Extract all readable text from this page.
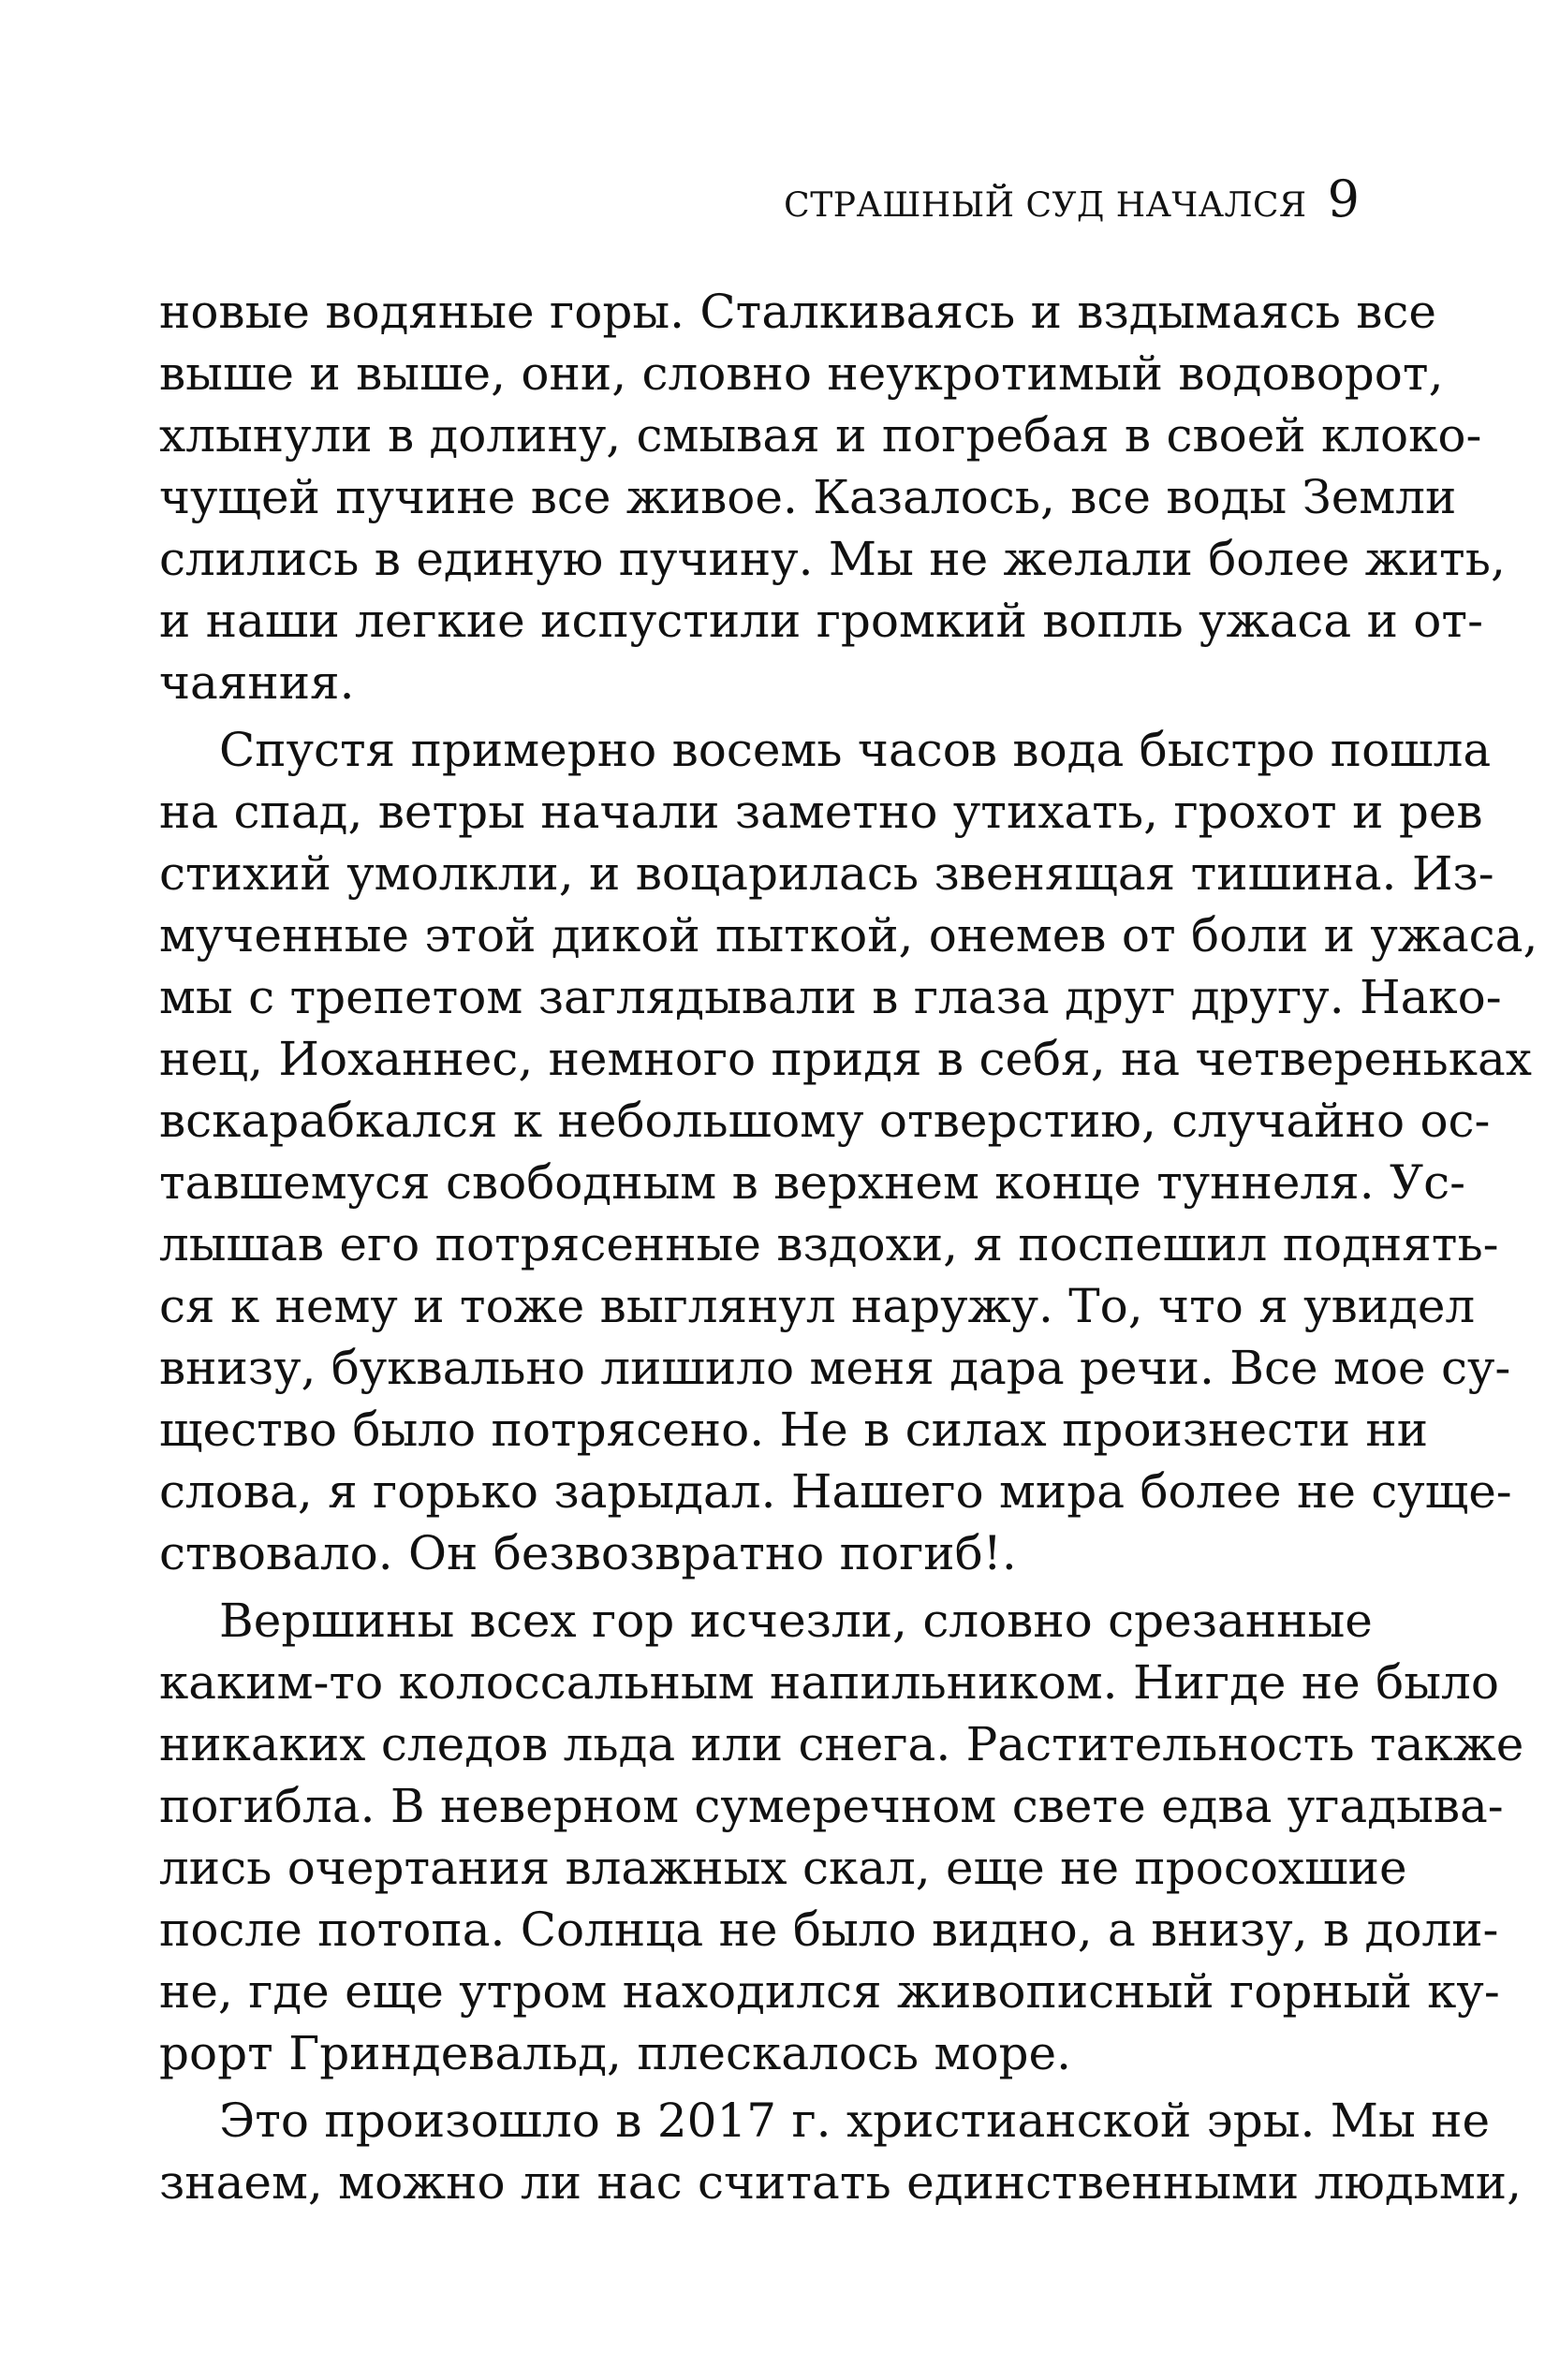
СТРАШНЫЙ СУД НАЧАЛСЯ 9

новые водяные горы. Сталкиваясь и вздымаясь все
выше и выше, они, словно неукротимый водоворот,
хлынули в долину, смывая и погребая в своей клоко-
чущей пучине все живое. Казалось, все воды Земли
слились в единую пучину. Мы не желали более жить,
и наши легкие испустили громкий вопль ужаса и от-
чаяния.

Спустя примерно восемь часов вода быстро пошла
на спад, ветры начали заметно утихать, грохот и рев
стихий умолкли, и воцарилась звенящая тишина. Из-
мученные этой дикой пыткой, онемев от боли и ужаса,
мы с трепетом заглядывали в глаза друг другу. Нако-
нец, Иоханнес, немного придя в себя, на четвереньках
вскарабкался к небольшому отверстию, случайно ос-
тавшемуся свободным в верхнем конце туннеля. Ус-
лышав его потрясенные вздохи, я поспешил поднять-
ся к нему и тоже выглянул наружу. То, что я увидел
внизу, буквально лишило меня дара речи. Все мое су-
щество было потрясено. Не в силах произнести ни
слова, я горько зарыдал. Нашего мира более не суще-
ствовало. Он безвозвратно погиб!.

Вершины всех гор исчезли, словно срезанные
каким-то колоссальным напильником. Нигде не было
никаких следов льда или снега. Растительность также
погибла. В неверном сумеречном свете едва угадыва-
лись очертания влажных скал, еще не просохшие
после потопа. Солнца не было видно, а внизу, в доли-
не, где еще утром находился живописный горный ку-
рорт Гриндевальд, плескалось море.

Это произошло в 2017 г. христианской эры. Мы не
знаем, можно ли нас считать единственными людьми,
